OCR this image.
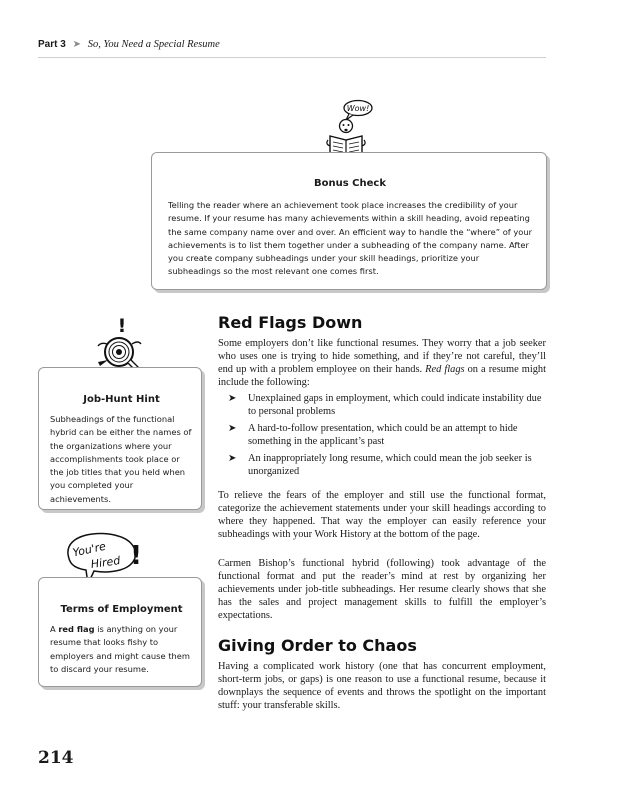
Part 3 ➤ So, You Need a Special Resume
Wow!
Bonus Check
Telling the reader where an achievement took place increases the credibility of your resume. If your resume has many achievements within a skill heading, avoid repeating the same company name over and over. An efficient way to handle the “where” of your achievements is to list them together under a subheading of the company name. After you create company subheadings under your skill headings, prioritize your subheadings so the most relevant one comes first.
!
Job-Hunt Hint
Subheadings of the functional hybrid can be either the names of the organizations where your accomplishments took place or the job titles that you held when you completed your achievements.
You're
Hired !
Terms of Employment
A red flag is anything on your resume that looks fishy to employers and might cause them to discard your resume.
Red Flags Down
Some employers don’t like functional resumes. They worry that a job seeker who uses one is trying to hide something, and if they’re not careful, they’ll end up with a problem employee on their hands. Red flags on a resume might include the following:
➤ Unexplained gaps in employment, which could indicate instability due to personal problems
➤ A hard-to-follow presentation, which could be an attempt to hide something in the applicant’s past
➤ An inappropriately long resume, which could mean the job seeker is unorganized
To relieve the fears of the employer and still use the functional format, categorize the achievement statements under your skill headings according to where they happened. That way the employer can easily reference your subheadings with your Work History at the bottom of the page.
Carmen Bishop’s functional hybrid (following) took advantage of the functional format and put the reader’s mind at rest by organizing her achievements under job-title subheadings. Her resume clearly shows that she has the sales and project management skills to fulfill the employer’s expectations.
Giving Order to Chaos
Having a complicated work history (one that has concurrent employment, short-term jobs, or gaps) is one reason to use a functional resume, because it downplays the sequence of events and throws the spotlight on the important stuff: your transferable skills.
214
